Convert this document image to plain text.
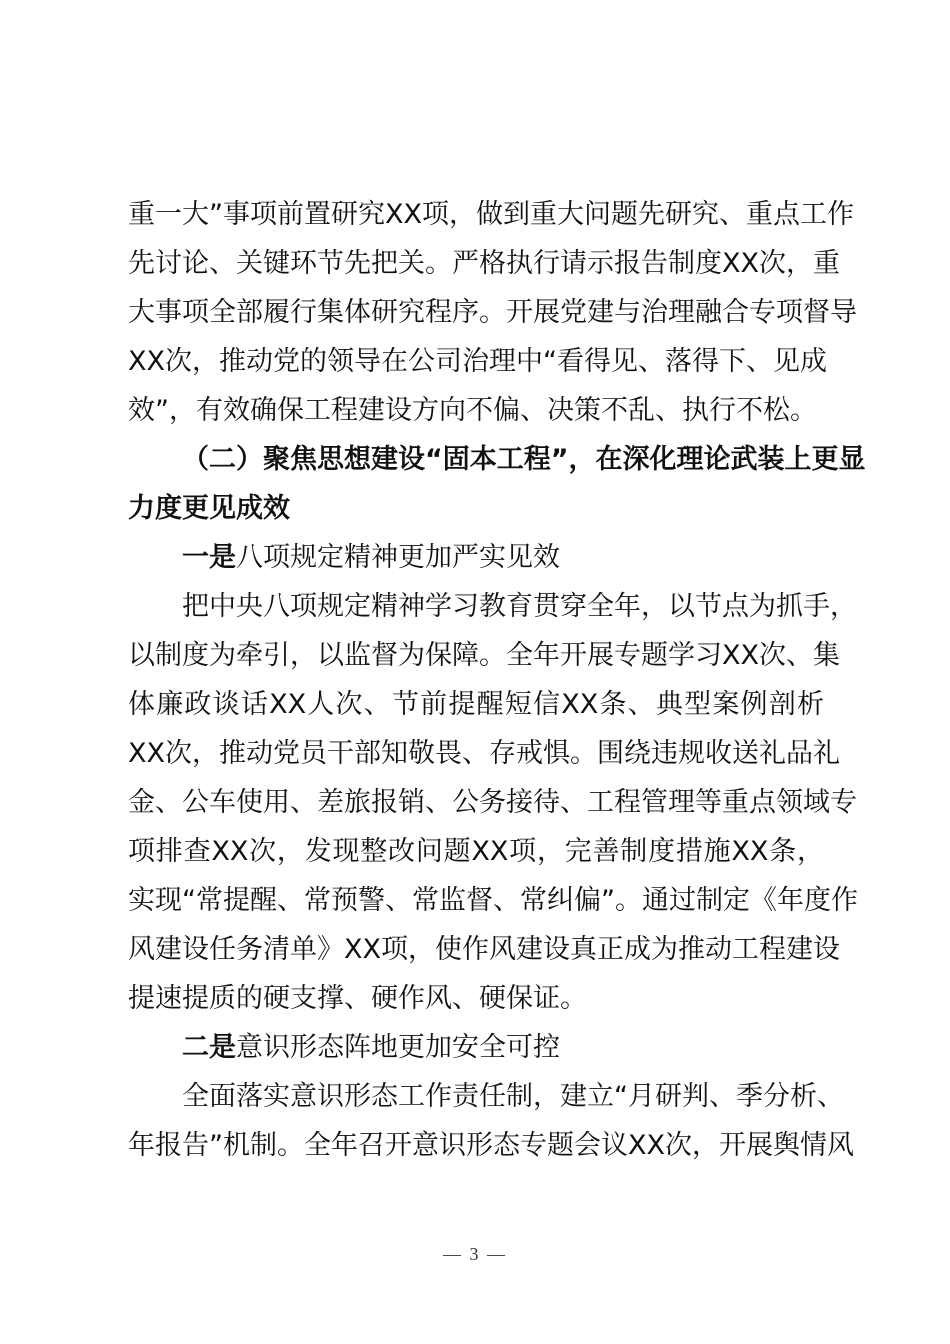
重一大”事项前置研究XX项，做到重大问题先研究、重点工作
先讨论、关键环节先把关。严格执行请示报告制度XX次，重
大事项全部履行集体研究程序。开展党建与治理融合专项督导
XX次，推动党的领导在公司治理中“看得见、落得下、见成
效”，有效确保工程建设方向不偏、决策不乱、执行不松。
（二）聚焦思想建设“固本工程”，在深化理论武装上更显
力度更见成效
一是八项规定精神更加严实见效
把中央八项规定精神学习教育贯穿全年，以节点为抓手，
以制度为牵引，以监督为保障。全年开展专题学习XX次、集
体廉政谈话XX人次、节前提醒短信XX条、典型案例剖析
XX次，推动党员干部知敬畏、存戒惧。围绕违规收送礼品礼
金、公车使用、差旅报销、公务接待、工程管理等重点领域专
项排查XX次，发现整改问题XX项，完善制度措施XX条，
实现“常提醒、常预警、常监督、常纠偏”。通过制定《年度作
风建设任务清单》XX项，使作风建设真正成为推动工程建设
提速提质的硬支撑、硬作风、硬保证。
二是意识形态阵地更加安全可控
全面落实意识形态工作责任制，建立“月研判、季分析、
年报告”机制。全年召开意识形态专题会议XX次，开展舆情风
— 3 —
